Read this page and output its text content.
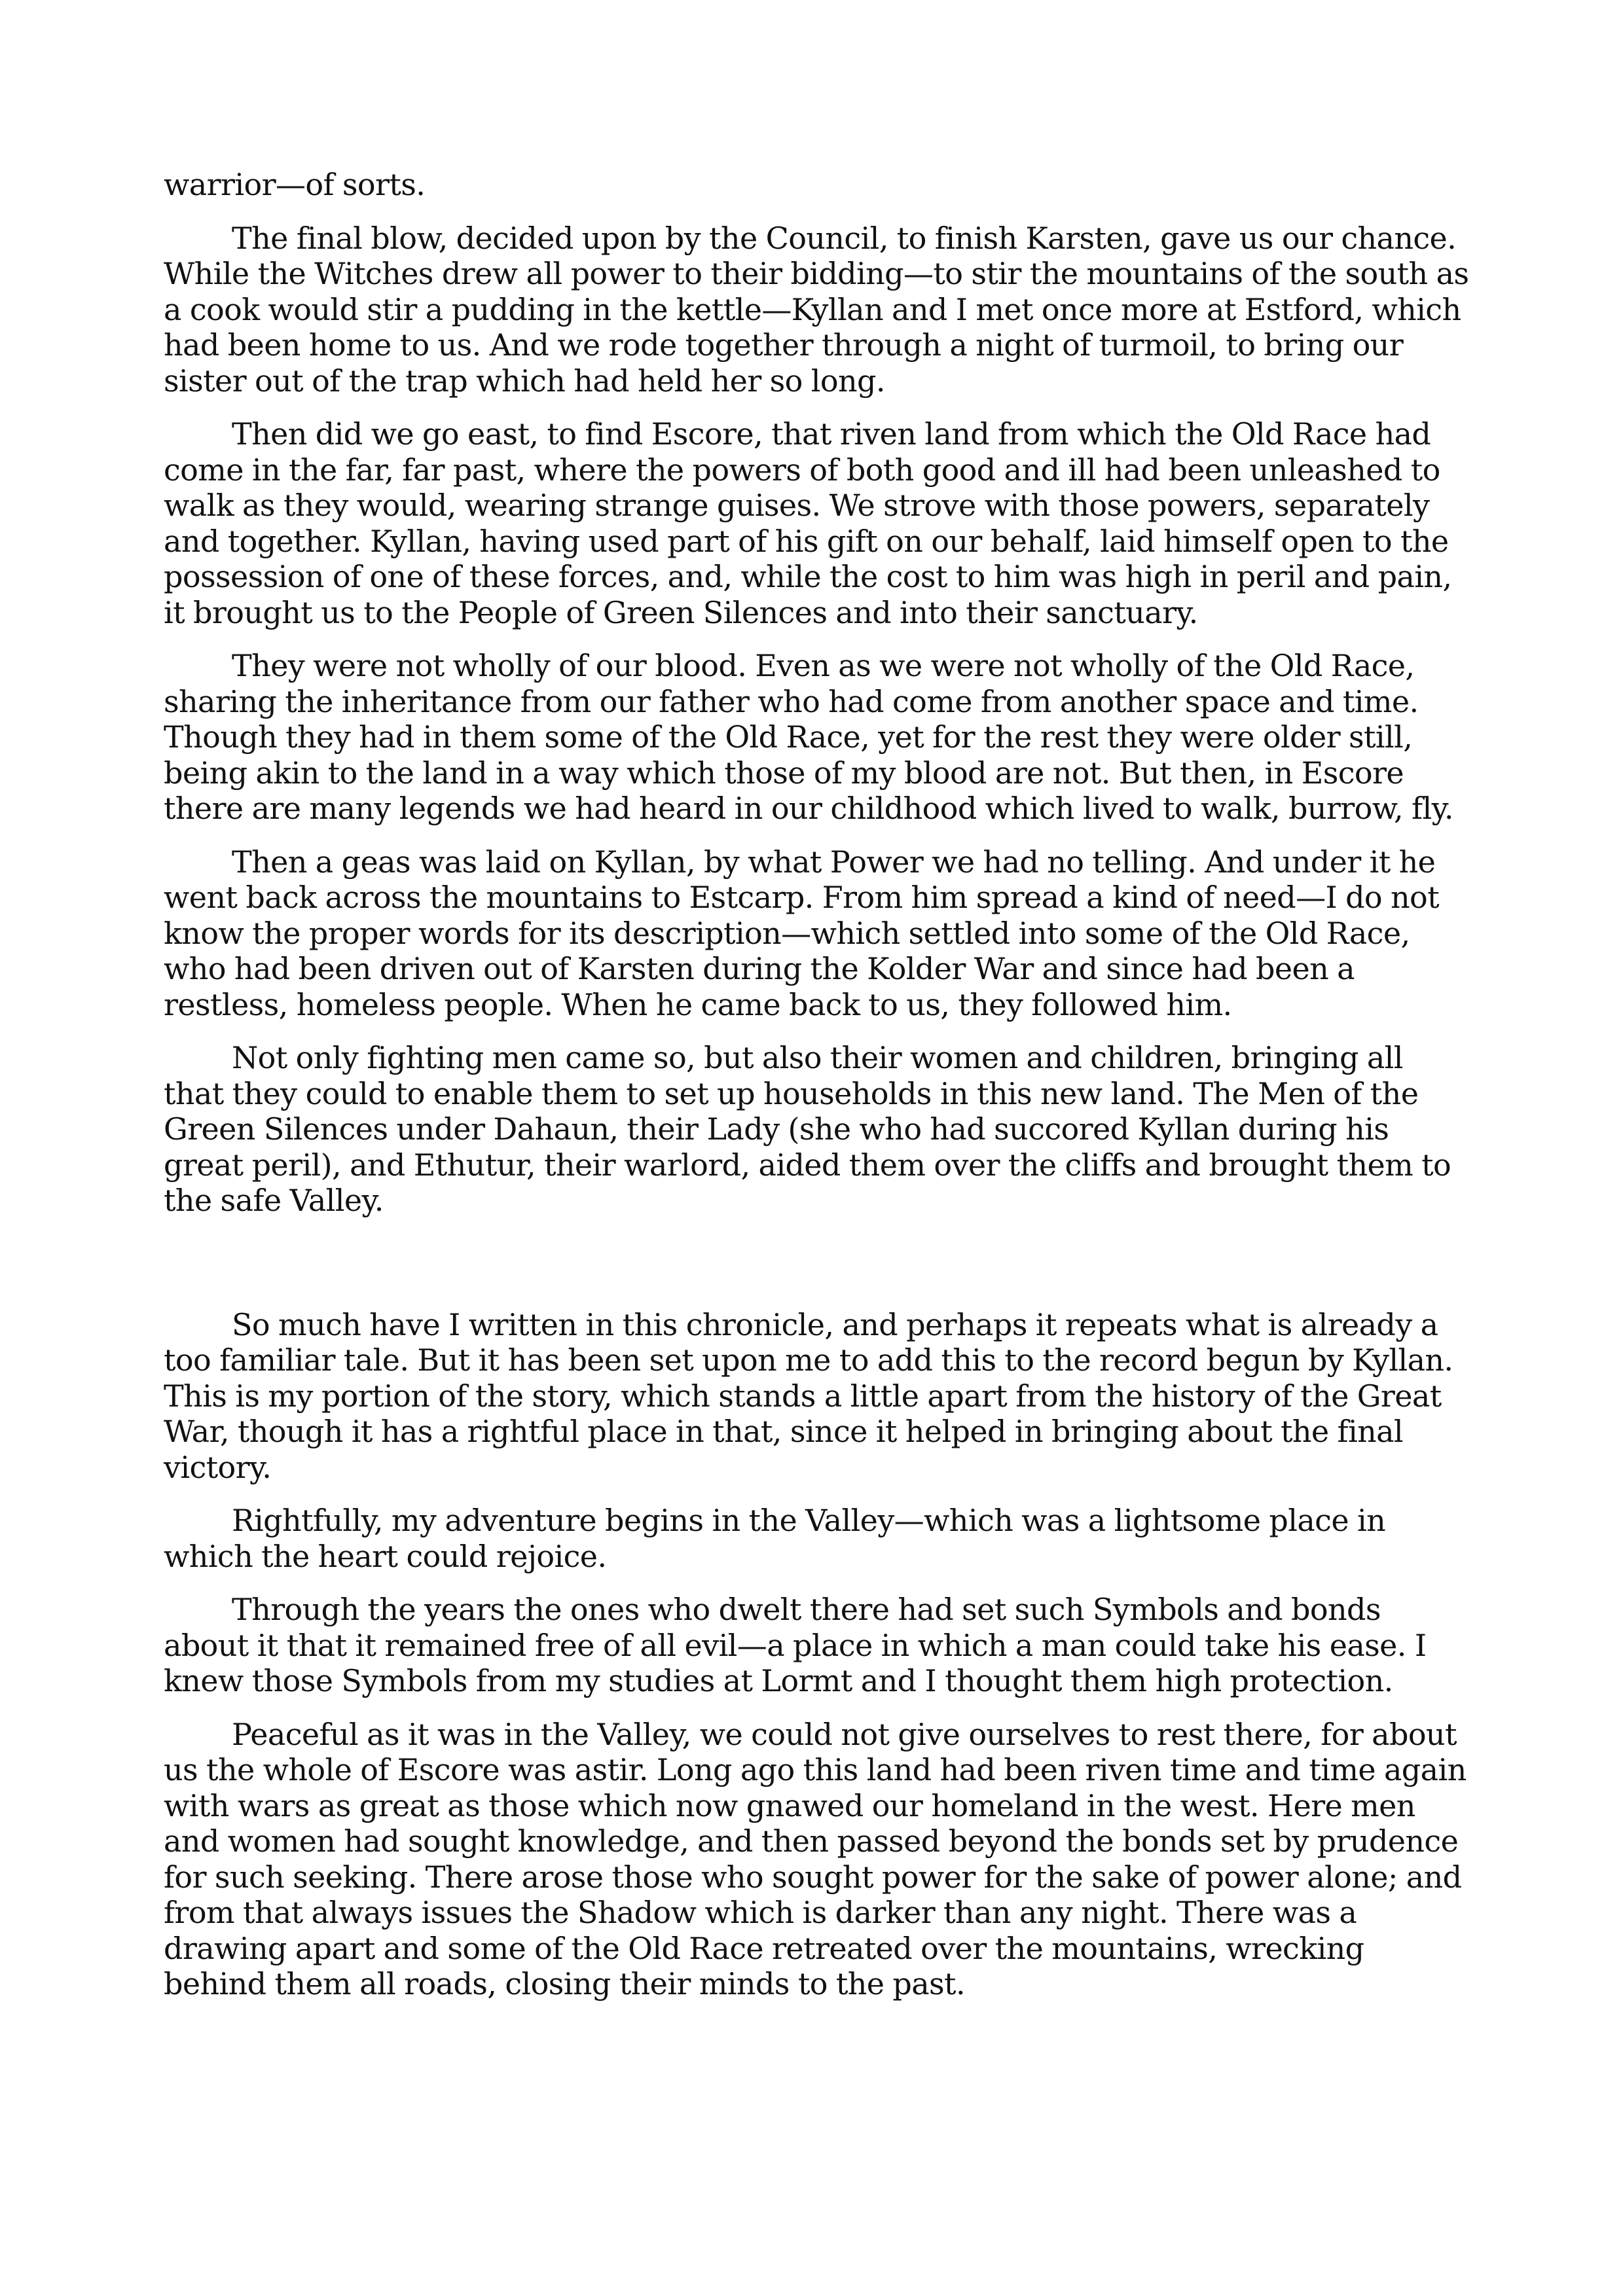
warrior—of sorts.

The final blow, decided upon by the Council, to finish Karsten, gave us our chance. While the Witches drew all power to their bidding—to stir the mountains of the south as a cook would stir a pudding in the kettle—Kyllan and I met once more at Estford, which had been home to us. And we rode together through a night of turmoil, to bring our sister out of the trap which had held her so long.

Then did we go east, to find Escore, that riven land from which the Old Race had come in the far, far past, where the powers of both good and ill had been unleashed to walk as they would, wearing strange guises. We strove with those powers, separately and together. Kyllan, having used part of his gift on our behalf, laid himself open to the possession of one of these forces, and, while the cost to him was high in peril and pain, it brought us to the People of Green Silences and into their sanctuary.

They were not wholly of our blood. Even as we were not wholly of the Old Race, sharing the inheritance from our father who had come from another space and time. Though they had in them some of the Old Race, yet for the rest they were older still, being akin to the land in a way which those of my blood are not. But then, in Escore there are many legends we had heard in our childhood which lived to walk, burrow, fly.

Then a geas was laid on Kyllan, by what Power we had no telling. And under it he went back across the mountains to Estcarp. From him spread a kind of need—I do not know the proper words for its description—which settled into some of the Old Race, who had been driven out of Karsten during the Kolder War and since had been a restless, homeless people. When he came back to us, they followed him.

Not only fighting men came so, but also their women and children, bringing all that they could to enable them to set up households in this new land. The Men of the Green Silences under Dahaun, their Lady (she who had succored Kyllan during his great peril), and Ethutur, their warlord, aided them over the cliffs and brought them to the safe Valley.

So much have I written in this chronicle, and perhaps it repeats what is already a too familiar tale. But it has been set upon me to add this to the record begun by Kyllan. This is my portion of the story, which stands a little apart from the history of the Great War, though it has a rightful place in that, since it helped in bringing about the final victory.

Rightfully, my adventure begins in the Valley—which was a lightsome place in which the heart could rejoice.

Through the years the ones who dwelt there had set such Symbols and bonds about it that it remained free of all evil—a place in which a man could take his ease. I knew those Symbols from my studies at Lormt and I thought them high protection.

Peaceful as it was in the Valley, we could not give ourselves to rest there, for about us the whole of Escore was astir. Long ago this land had been riven time and time again with wars as great as those which now gnawed our homeland in the west. Here men and women had sought knowledge, and then passed beyond the bonds set by prudence for such seeking. There arose those who sought power for the sake of power alone; and from that always issues the Shadow which is darker than any night. There was a drawing apart and some of the Old Race retreated over the mountains, wrecking behind them all roads, closing their minds to the past.
